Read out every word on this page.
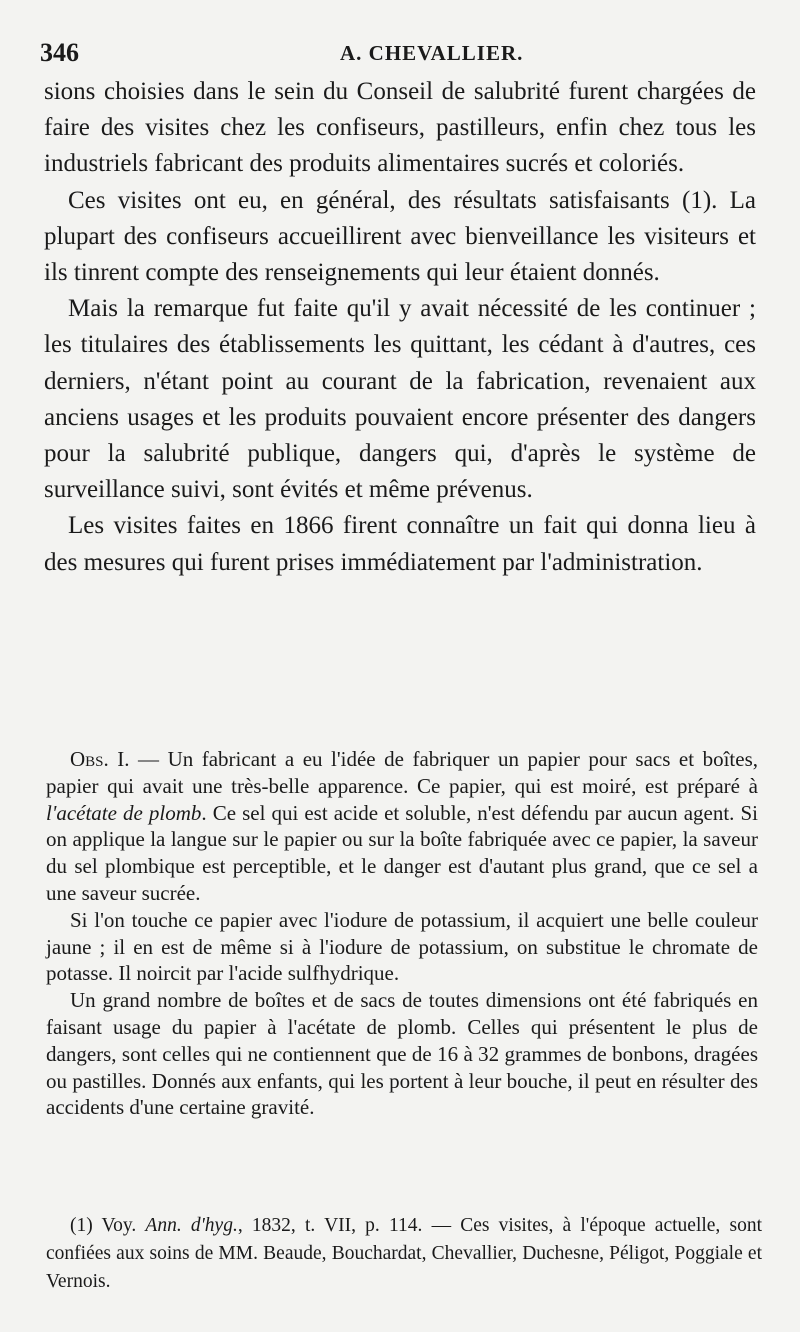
346	A. CHEVALLIER.

sions choisies dans le sein du Conseil de salubrité furent chargées de faire des visites chez les confiseurs, pastilleurs, enfin chez tous les industriels fabricant des produits alimentaires sucrés et coloriés.

Ces visites ont eu, en général, des résultats satisfaisants (1). La plupart des confiseurs accueillirent avec bienveillance les visiteurs et ils tinrent compte des renseignements qui leur étaient donnés.

Mais la remarque fut faite qu'il y avait nécessité de les continuer ; les titulaires des établissements les quittant, les cédant à d'autres, ces derniers, n'étant point au courant de la fabrication, revenaient aux anciens usages et les produits pouvaient encore présenter des dangers pour la salubrité publique, dangers qui, d'après le système de surveillance suivi, sont évités et même prévenus.

Les visites faites en 1866 firent connaître un fait qui donna lieu à des mesures qui furent prises immédiatement par l'administration.

Obs. I. — Un fabricant a eu l'idée de fabriquer un papier pour sacs et boîtes, papier qui avait une très-belle apparence. Ce papier, qui est moiré, est préparé à l'acétate de plomb. Ce sel qui est acide et soluble, n'est défendu par aucun agent. Si on applique la langue sur le papier ou sur la boîte fabriquée avec ce papier, la saveur du sel plombique est perceptible, et le danger est d'autant plus grand, que ce sel a une saveur sucrée.

Si l'on touche ce papier avec l'iodure de potassium, il acquiert une belle couleur jaune ; il en est de même si à l'iodure de potassium, on substitue le chromate de potasse. Il noircit par l'acide sulfhydrique.

Un grand nombre de boîtes et de sacs de toutes dimensions ont été fabriqués en faisant usage du papier à l'acétate de plomb. Celles qui présentent le plus de dangers, sont celles qui ne contiennent que de 16 à 32 grammes de bonbons, dragées ou pastilles. Donnés aux enfants, qui les portent à leur bouche, il peut en résulter des accidents d'une certaine gravité.

(1) Voy. Ann. d'hyg., 1832, t. VII, p. 114. — Ces visites, à l'époque actuelle, sont confiées aux soins de MM. Beaude, Bouchardat, Chevallier, Duchesne, Péligot, Poggiale et Vernois.
